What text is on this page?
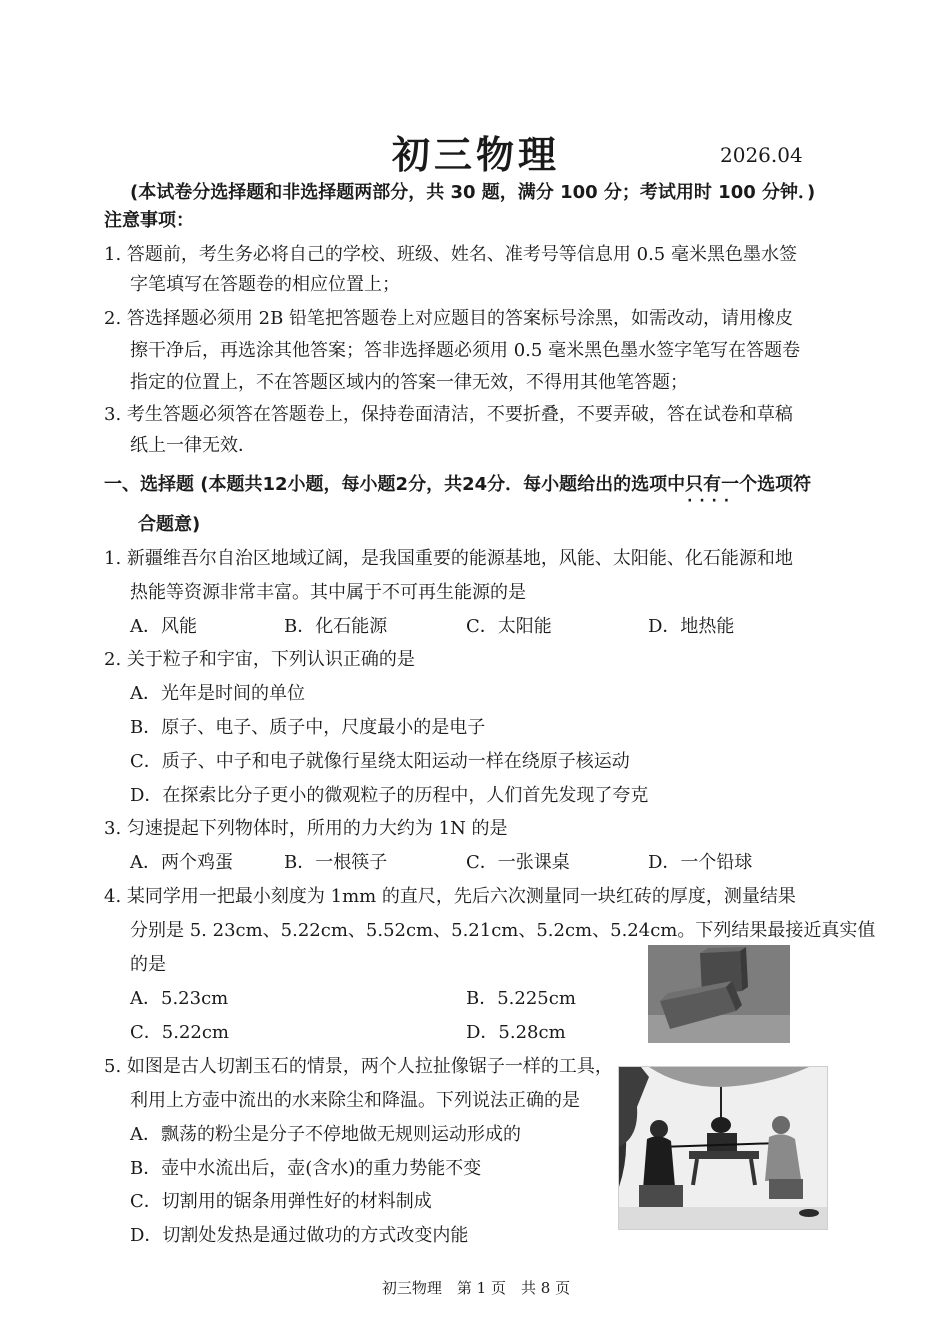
初三物理	2026.04
(本试卷分选择题和非选择题两部分，共 30 题，满分 100 分；考试用时 100 分钟．)
注意事项：
1. 答题前，考生务必将自己的学校、班级、姓名、准考号等信息用 0.5 毫米黑色墨水签
字笔填写在答题卷的相应位置上；
2. 答选择题必须用 2B 铅笔把答题卷上对应题目的答案标号涂黑，如需改动，请用橡皮
擦干净后，再选涂其他答案；答非选择题必须用 0.5 毫米黑色墨水签字笔写在答题卷
指定的位置上，不在答题区域内的答案一律无效，不得用其他笔答题；
3. 考生答题必须答在答题卷上，保持卷面清洁，不要折叠，不要弄破，答在试卷和草稿
纸上一律无效．
一、选择题 (本题共12小题，每小题2分，共24分．每小题给出的选项中只有一个 · · 选项符
合题意)
1. 新疆维吾尔自治区地域辽阔，是我国重要的能源基地，风能、太阳能、化石能源和地
热能等资源非常丰富。其中属于不可再生能源的是
A．风能	B．化石能源	C．太阳能	D．地热能
2. 关于粒子和宇宙，下列认识正确的是
A．光年是时间的单位
B．原子、电子、质子中，尺度最小的是电子
C．质子、中子和电子就像行星绕太阳运动一样在绕原子核运动
D．在探索比分子更小的微观粒子的历程中，人们首先发现了夸克
3. 匀速提起下列物体时，所用的力大约为 1N 的是
A．两个鸡蛋	B．一根筷子	C．一张课桌	D．一个铅球
4. 某同学用一把最小刻度为 1mm 的直尺，先后六次测量同一块红砖的厚度，测量结果
分别是 5. 23cm、5.22cm、5.52cm、5.21cm、5.2cm、5.24cm。下列结果最接近真实值
的是
A．5.23cm	B．5.225cm
C．5.22cm	D．5.28cm
5. 如图是古人切割玉石的情景，两个人拉扯像锯子一样的工具，
利用上方壶中流出的水来除尘和降温。下列说法正确的是
A．飘荡的粉尘是分子不停地做无规则运动形成的
B．壶中水流出后，壶(含水)的重力势能不变
C．切割用的锯条用弹性好的材料制成
D．切割处发热是通过做功的方式改变内能
初三物理　第 1 页　共 8 页
